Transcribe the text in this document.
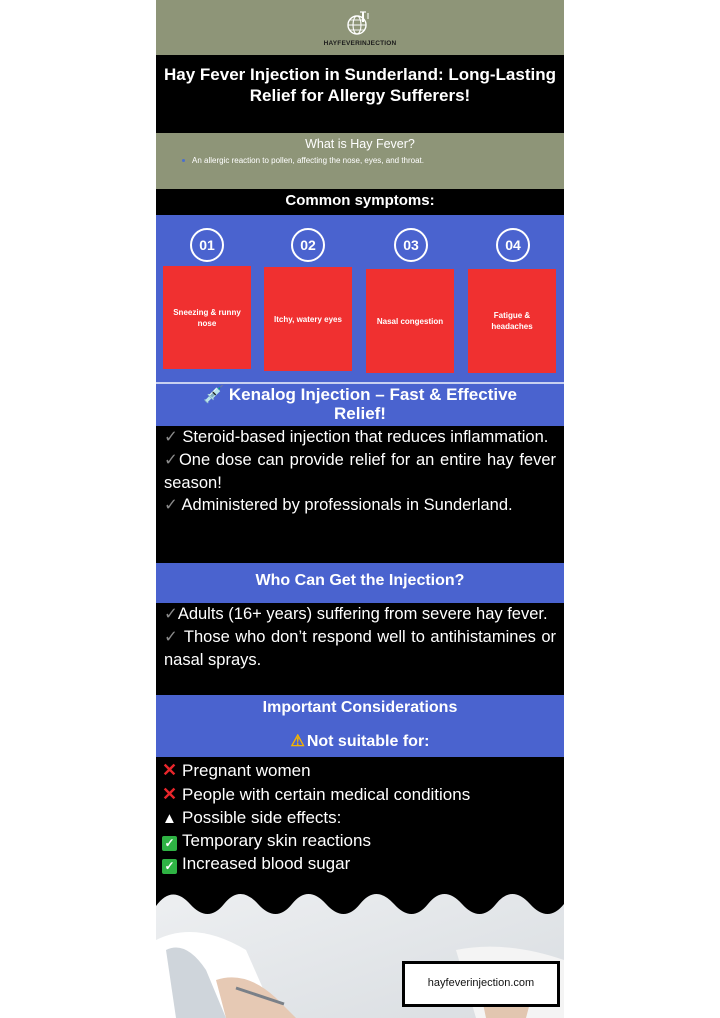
HAYFEVERINJECTION
Hay Fever Injection in Sunderland: Long-Lasting Relief for Allergy Sufferers!
What is Hay Fever?
An allergic reaction to pollen, affecting the nose, eyes, and throat.
Common symptoms:
01	02	03	04
Sneezing & runny nose	Itchy, watery eyes	Nasal congestion
Fatigue & headaches
💉 Kenalog Injection – Fast & Effective Relief!
✓ Steroid-based injection that reduces inflammation.
✓One dose can provide relief for an entire hay fever season!
✓ Administered by professionals in Sunderland.
Who Can Get the Injection?
✓Adults (16+ years) suffering from severe hay fever.
✓ Those who don’t respond well to antihistamines or nasal sprays.
Important Considerations
⚠ Not suitable for:
✕ Pregnant women
✕ People with certain medical conditions
▲ Possible side effects:
✓ Temporary skin reactions
✓ Increased blood sugar
hayfeverinjection.com
